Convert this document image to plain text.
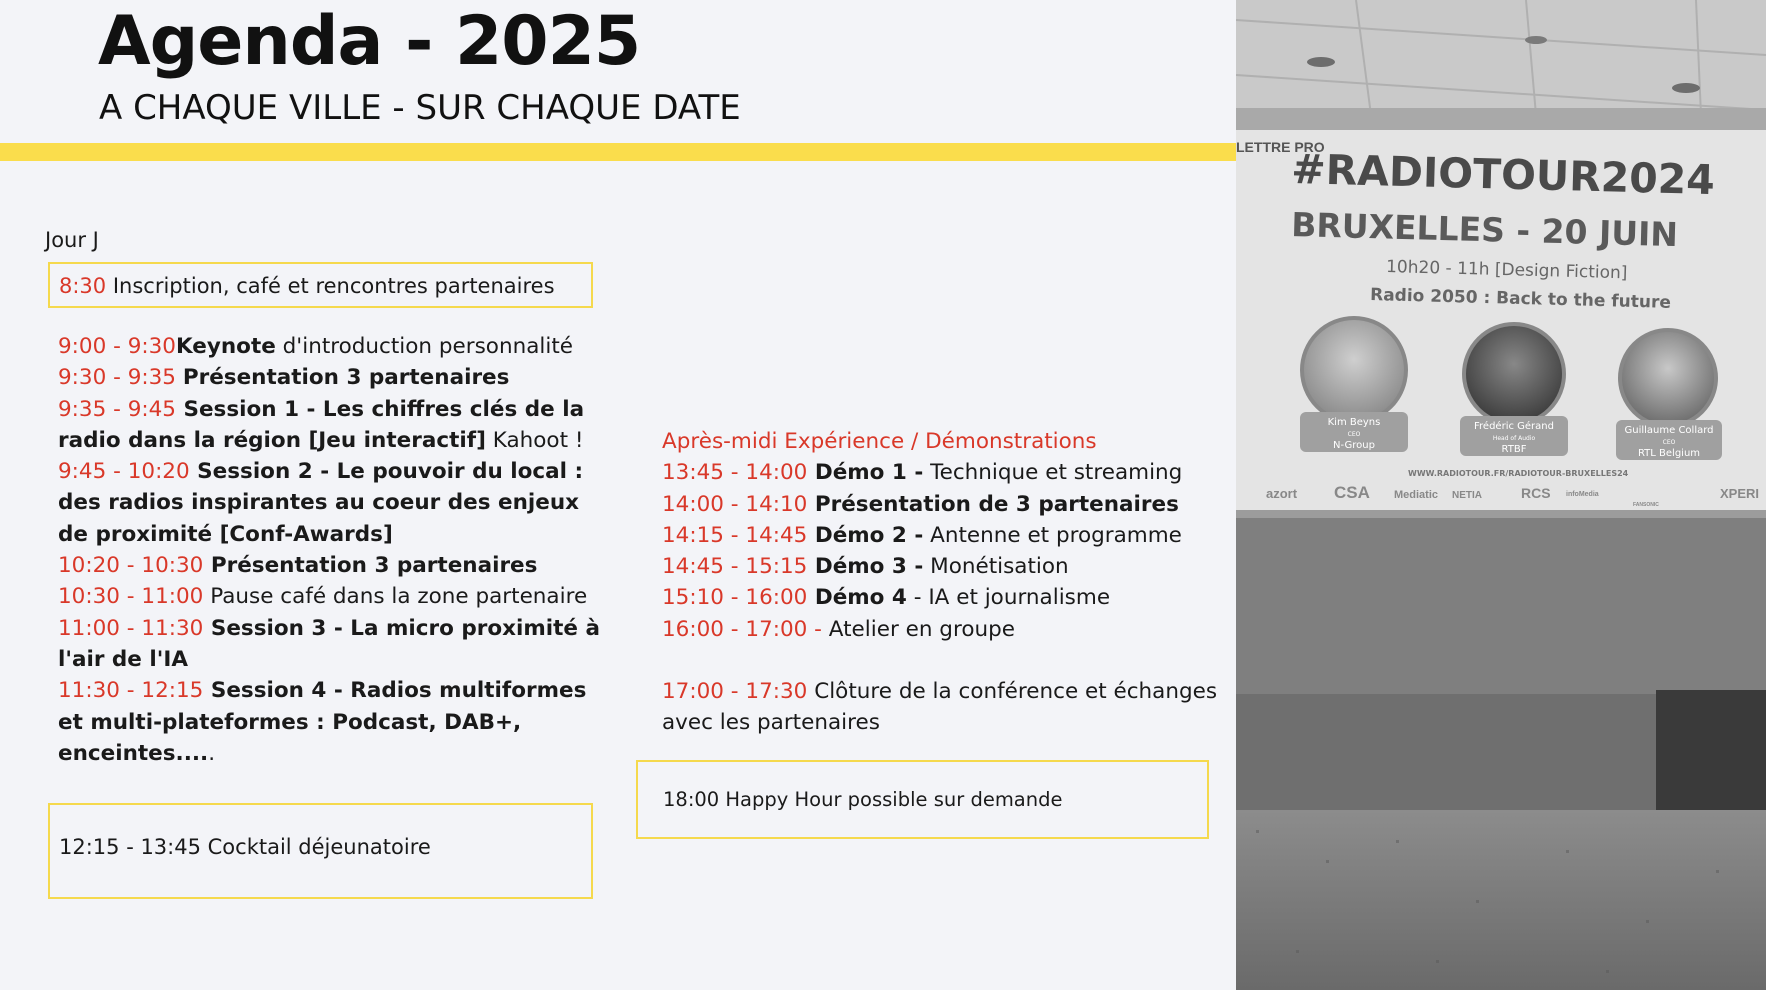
Agenda - 2025
A CHAQUE VILLE - SUR CHAQUE DATE
Jour J
8:30 Inscription, café et rencontres partenaires
9:00 - 9:30Keynote d'introduction personnalité
9:30 - 9:35 Présentation 3 partenaires
9:35 - 9:45 Session 1 - Les chiffres clés de la radio dans la région [Jeu interactif] Kahoot !
9:45 - 10:20 Session 2 - Le pouvoir du local : des radios inspirantes au coeur des enjeux de proximité [Conf-Awards]
10:20 - 10:30 Présentation 3 partenaires
10:30 - 11:00 Pause café dans la zone partenaire
11:00 - 11:30 Session 3 - La micro proximité à l'air de l'IA
11:30 - 12:15 Session 4 - Radios multiformes et multi-plateformes : Podcast, DAB+, enceintes.....
12:15 - 13:45 Cocktail déjeunatoire
Après-midi Expérience / Démonstrations
13:45 - 14:00 Démo 1 - Technique et streaming
14:00 - 14:10 Présentation de 3 partenaires
14:15 - 14:45 Démo 2 - Antenne et programme
14:45 - 15:15 Démo 3 - Monétisation
15:10 - 16:00 Démo 4 - IA et journalisme
16:00 - 17:00 - Atelier en groupe
17:00 - 17:30 Clôture de la conférence et échanges avec les partenaires
18:00 Happy Hour possible sur demande
LETTRE PRO
#RADIOTOUR2024
BRUXELLES - 20 JUIN
10h20 - 11h [Design Fiction]
Radio 2050 : Back to the future
Kim Beyns
CEO
N-Group
Frédéric Gérand
Head of Audio
RTBF
Guillaume Collard
CEO
RTL Belgium
WWW.RADIOTOUR.FR/RADIOTOUR-BRUXELLES24
azort CSA Mediatic NETIA	RCS infoMedia
FANSONIC
XPERI
